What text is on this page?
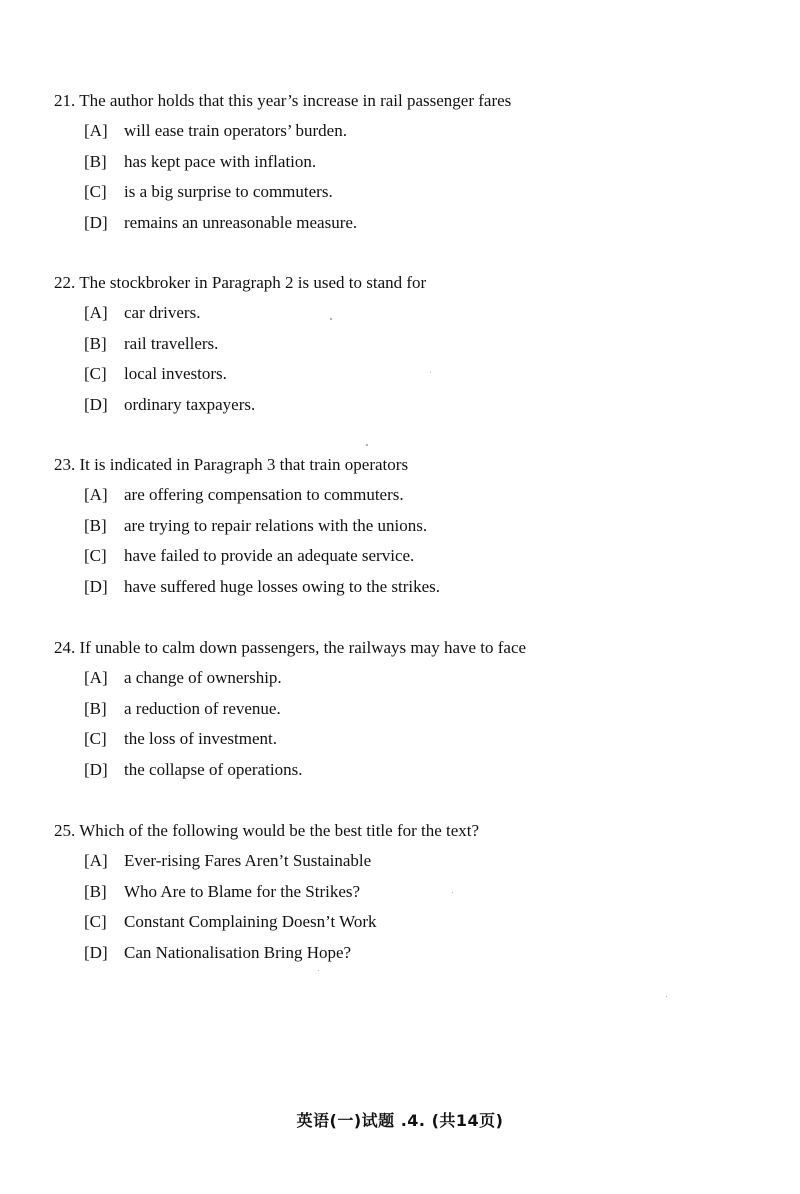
21. The author holds that this year’s increase in rail passenger fares
[A] will ease train operators’ burden.
[B] has kept pace with inflation.
[C] is a big surprise to commuters.
[D] remains an unreasonable measure.
22. The stockbroker in Paragraph 2 is used to stand for
[A] car drivers.
[B] rail travellers.
[C] local investors.
[D] ordinary taxpayers.
23. It is indicated in Paragraph 3 that train operators
[A] are offering compensation to commuters.
[B] are trying to repair relations with the unions.
[C] have failed to provide an adequate service.
[D] have suffered huge losses owing to the strikes.
24. If unable to calm down passengers, the railways may have to face
[A] a change of ownership.
[B] a reduction of revenue.
[C] the loss of investment.
[D] the collapse of operations.
25. Which of the following would be the best title for the text?
[A] Ever-rising Fares Aren’t Sustainable
[B] Who Are to Blame for the Strikes?
[C] Constant Complaining Doesn’t Work
[D] Can Nationalisation Bring Hope?
英语(一)试题 .4. (共14页)
